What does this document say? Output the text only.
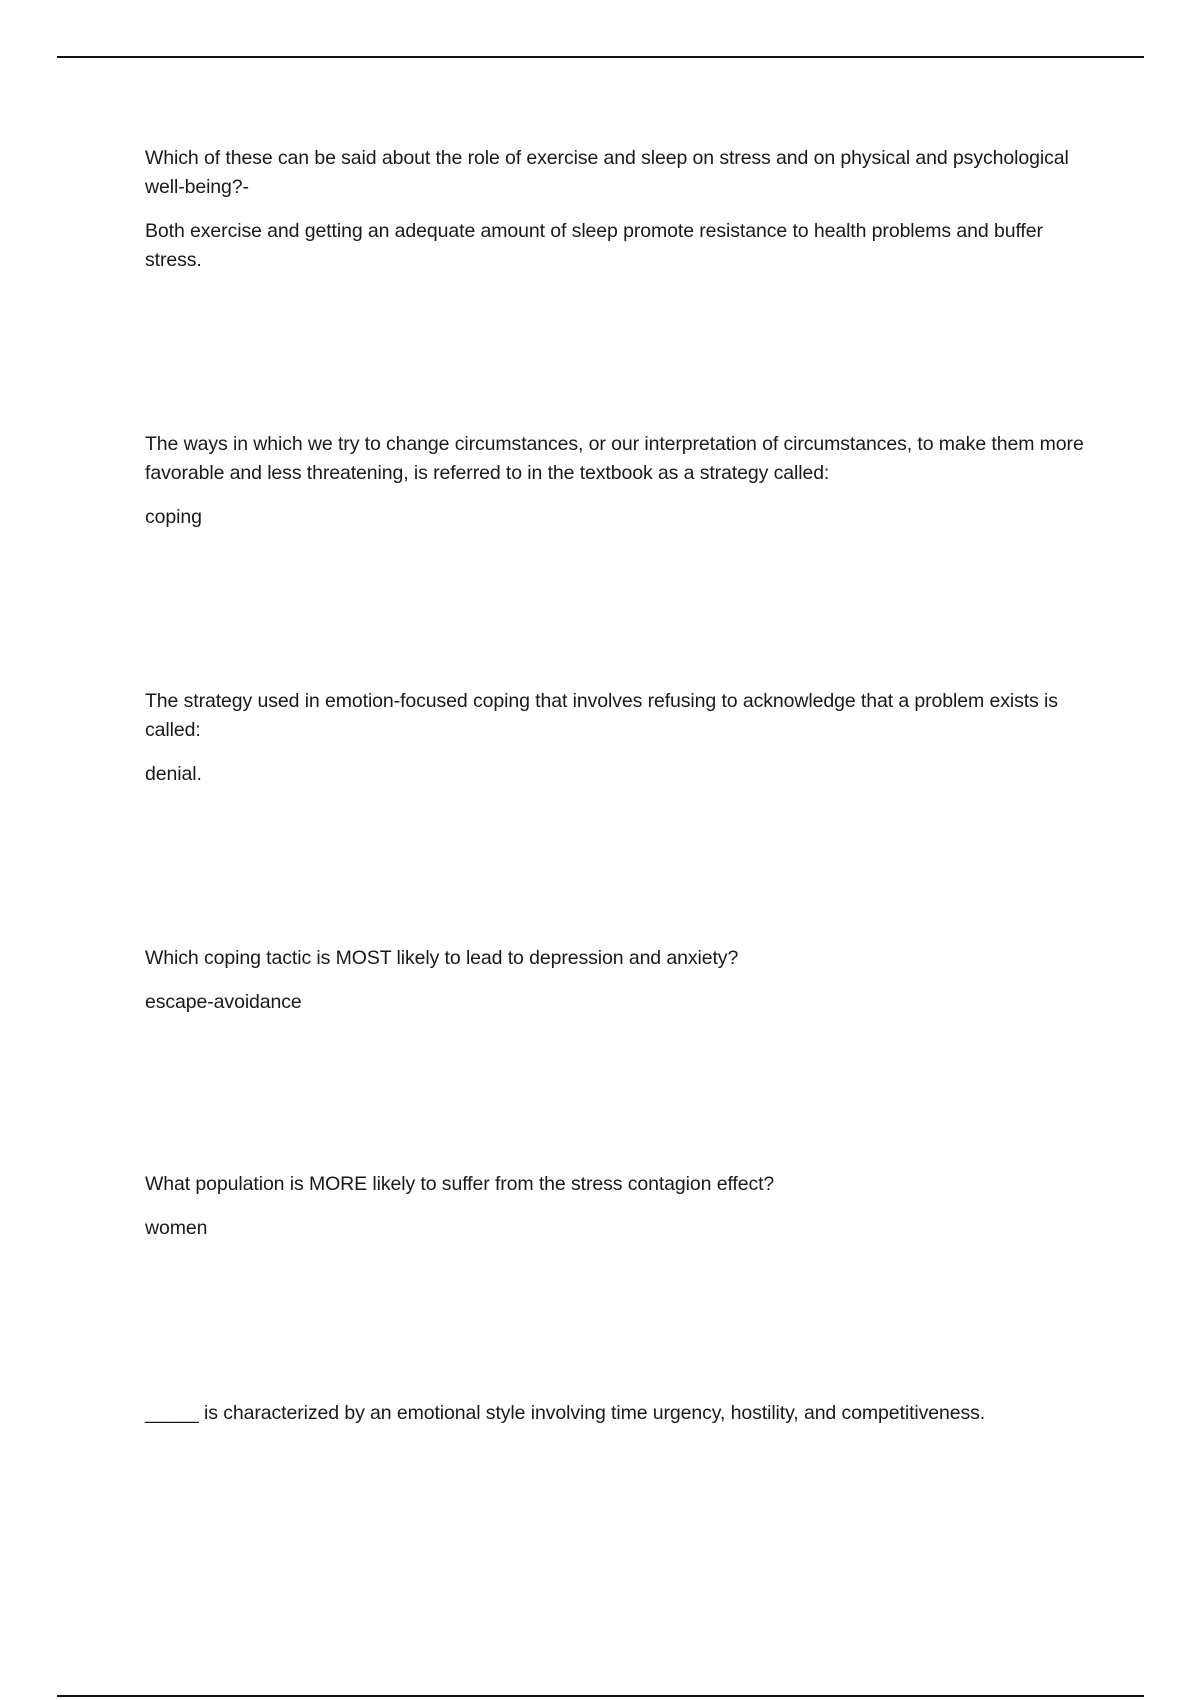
Which of these can be said about the role of exercise and sleep on stress and on physical and psychological well-being?-

Both exercise and getting an adequate amount of sleep promote resistance to health problems and buffer stress.

The ways in which we try to change circumstances, or our interpretation of circumstances, to make them more favorable and less threatening, is referred to in the textbook as a strategy called:

coping

The strategy used in emotion-focused coping that involves refusing to acknowledge that a problem exists is called:

denial.

Which coping tactic is MOST likely to lead to depression and anxiety?

escape-avoidance

What population is MORE likely to suffer from the stress contagion effect?

women

_____ is characterized by an emotional style involving time urgency, hostility, and competitiveness.
